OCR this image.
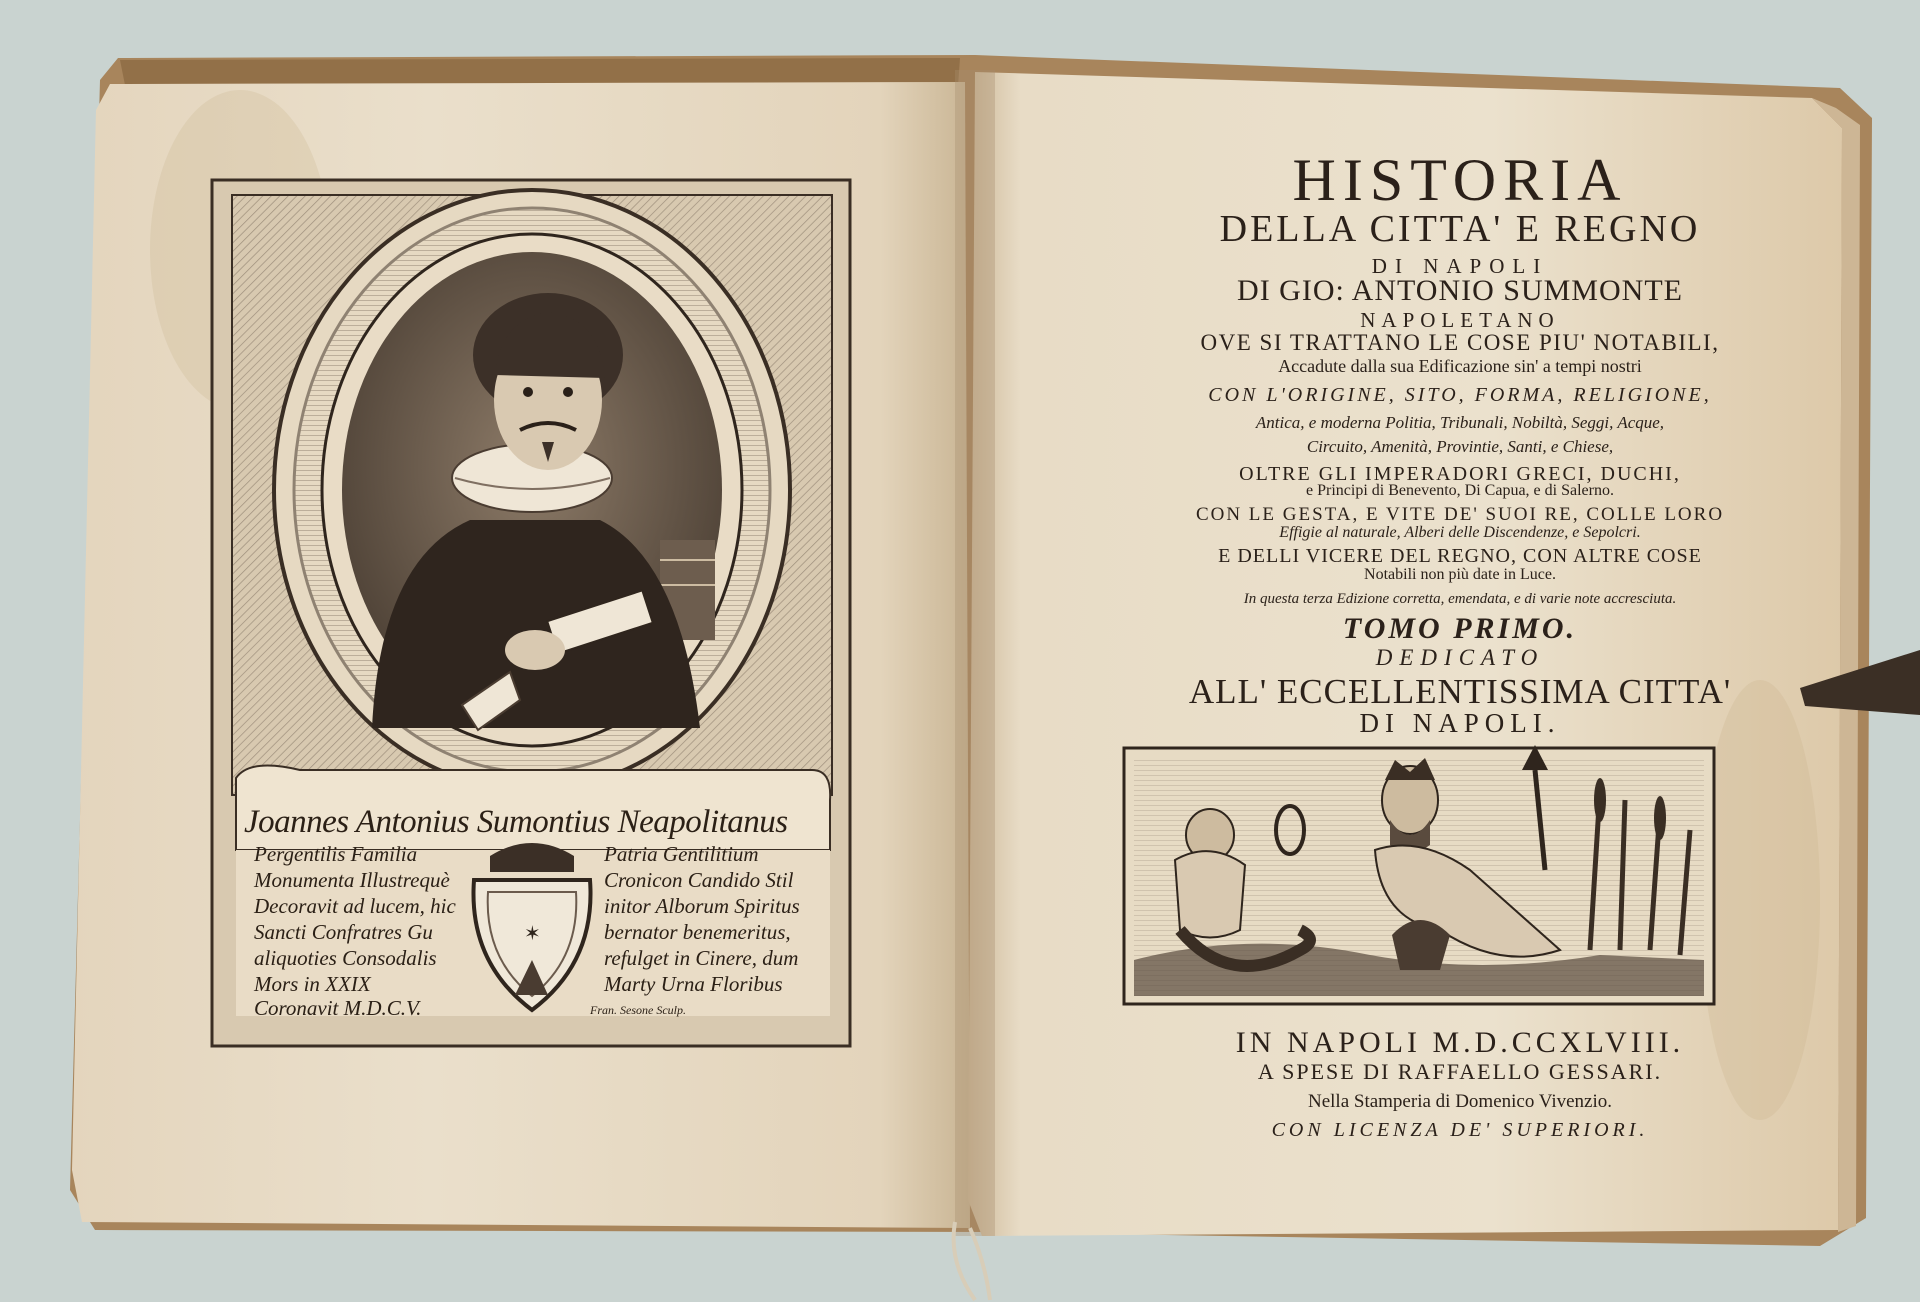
✶
HISTORIA
DELLA CITTA' E REGNO
DI NAPOLI
DI GIO: ANTONIO SUMMONTE
NAPOLETANO
OVE SI TRATTANO LE COSE PIU' NOTABILI,
Accadute dalla sua Edificazione sin' a tempi nostri
CON L'ORIGINE, SITO, FORMA, RELIGIONE,
Antica, e moderna Politia, Tribunali, Nobiltà, Seggi, Acque,
Circuito, Amenità, Provintie, Santi, e Chiese,
OLTRE GLI IMPERADORI GRECI, DUCHI,
e Principi di Benevento, Di Capua, e di Salerno.
CON LE GESTA, E VITE DE' SUOI RE, COLLE LORO
Effigie al naturale, Alberi delle Discendenze, e Sepolcri.
E DELLI VICERE DEL REGNO, CON ALTRE COSE
Notabili non più date in Luce.
In questa terza Edizione corretta, emendata, e di varie note accresciuta.
TOMO PRIMO.
DEDICATO
ALL' ECCELLENTISSIMA CITTA'
DI NAPOLI.
IN NAPOLI M.D.CCXLVIII.
A SPESE DI RAFFAELLO GESSARI.
Nella Stamperia di Domenico Vivenzio.
CON LICENZA DE' SUPERIORI.
Joannes Antonius Sumontius Neapolitanus
Pergentilis Familia
Monumenta Illustrequè
Decoravit ad lucem, hic
Sancti Confratres Gu
aliquoties Consodalis
Mors in XXIX
Coronavit M.D.C.V.
Patria Gentilitium
Cronicon Candido Stil
initor Alborum Spiritus
bernator benemeritus,
refulget in Cinere, dum
Marty Urna Floribus
Fran. Sesone Sculp.
